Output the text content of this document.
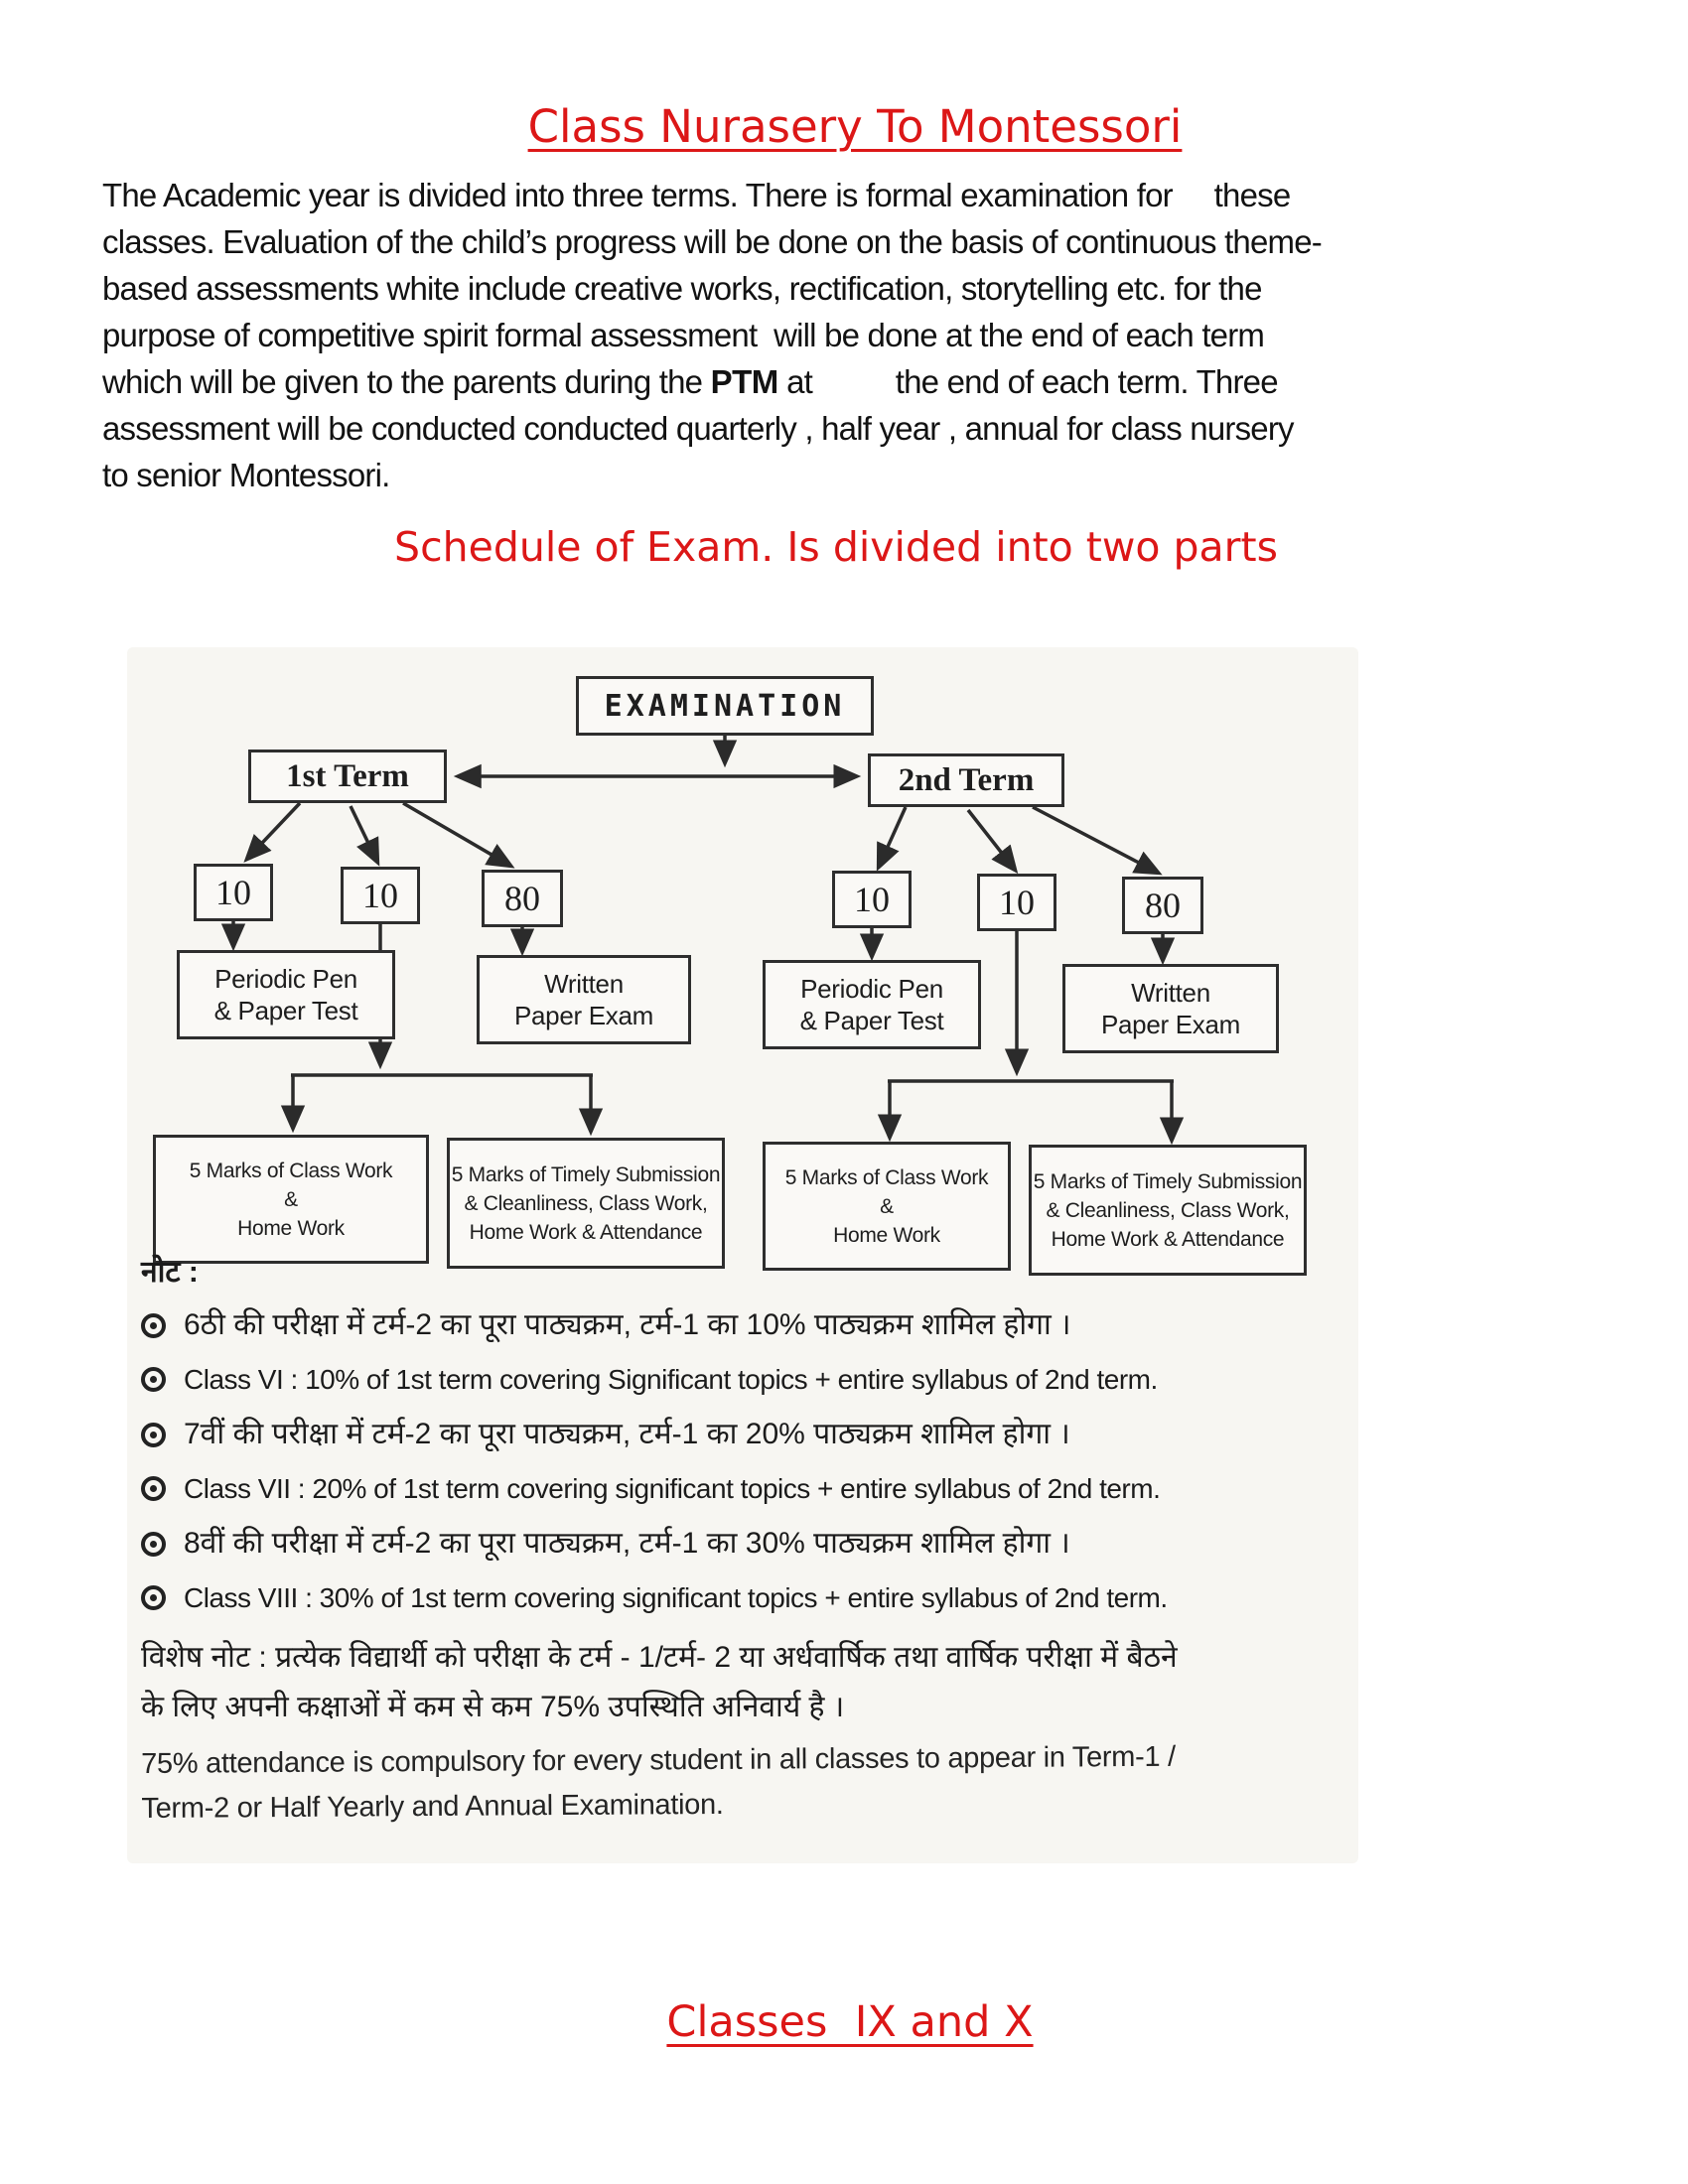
Class Nurasery To Montessori
The Academic year is divided into three terms. There is formal examination for     these
classes. Evaluation of the child’s progress will be done on the basis of continuous theme-
based assessments white include creative works, rectification, storytelling etc. for the
purpose of competitive spirit formal assessment  will be done at the end of each term
which will be given to the parents during the PTM at          the end of each term. Three
assessment will be conducted conducted quarterly , half year , annual for class nursery
to senior Montessori.
Schedule of Exam. Is divided into two parts
EXAMINATION
1st Term	2nd Term
10	10	80	10	10	80
Periodic Pen
& Paper Test
Written
Paper Exam
Periodic Pen
& Paper Test
Written
Paper Exam
5 Marks of Class Work
&
Home Work
5 Marks of Timely Submission
& Cleanliness, Class Work,
Home Work & Attendance
5 Marks of Class Work
&
Home Work
5 Marks of Timely Submission
& Cleanliness, Class Work,
Home Work & Attendance
नोट :
6ठी की परीक्षा में टर्म-2 का पूरा पाठ्यक्रम, टर्म-1 का 10% पाठ्यक्रम शामिल होगा ।
Class VI : 10% of 1st term covering Significant topics + entire syllabus of 2nd term.
7वीं की परीक्षा में टर्म-2 का पूरा पाठ्यक्रम, टर्म-1 का 20% पाठ्यक्रम शामिल होगा ।
Class VII : 20% of 1st term covering significant topics + entire syllabus of 2nd term.
8वीं की परीक्षा में टर्म-2 का पूरा पाठ्यक्रम, टर्म-1 का 30% पाठ्यक्रम शामिल होगा ।
Class VIII : 30% of 1st term covering significant topics + entire syllabus of 2nd term.
विशेष नोट : प्रत्येक विद्यार्थी को परीक्षा के टर्म - 1/टर्म- 2 या अर्धवार्षिक तथा वार्षिक परीक्षा में बैठने
के लिए अपनी कक्षाओं में कम से कम 75% उपस्थिति अनिवार्य है ।
75% attendance is compulsory for every student in all classes to appear in Term-1 /
Term-2 or Half Yearly and Annual Examination.
Classes  IX and X
